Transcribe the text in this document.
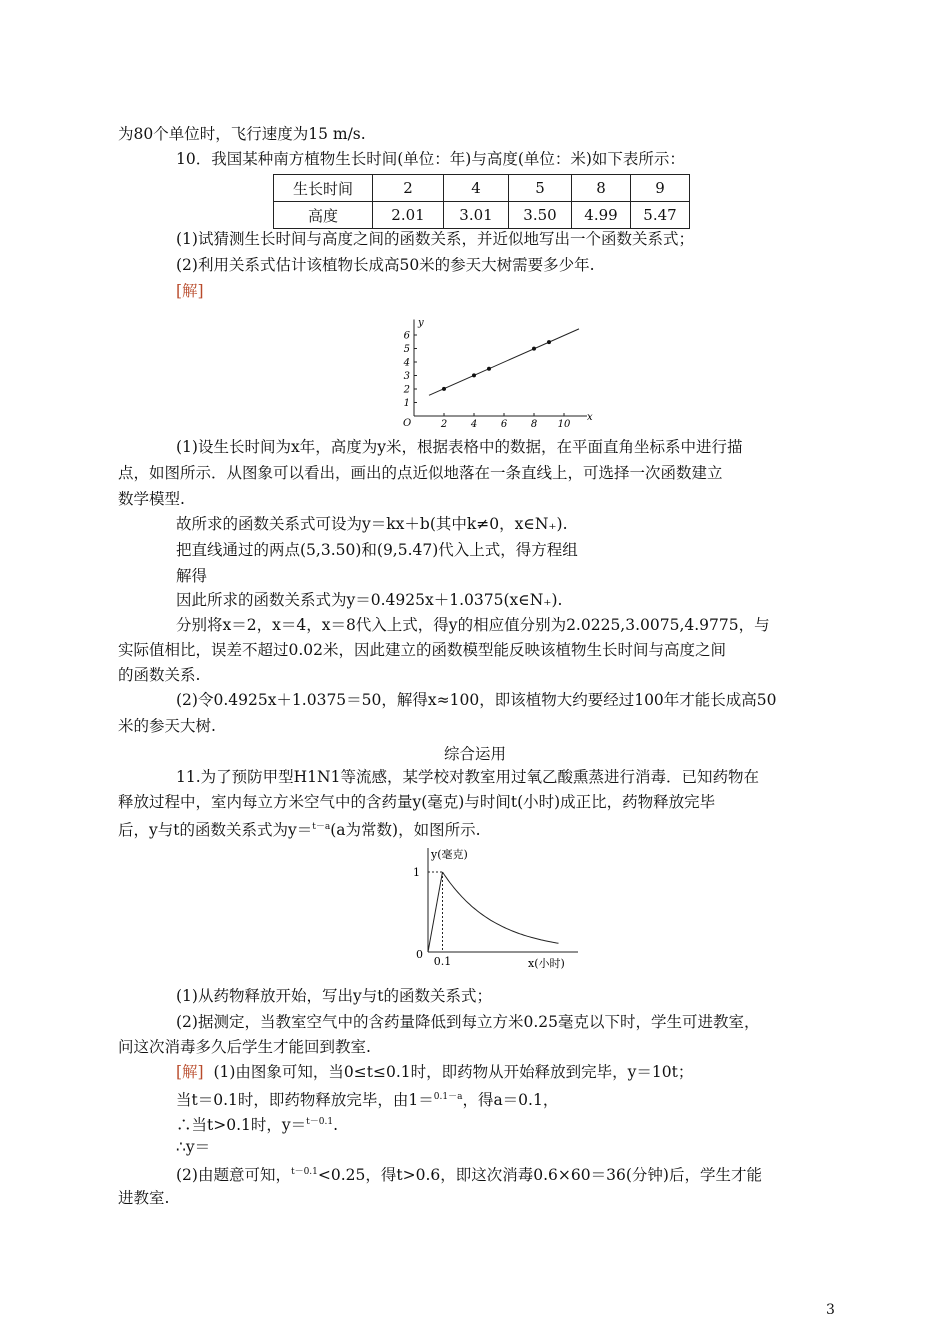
为80个单位时，飞行速度为15 m/s.
10．我国某种南方植物生长时间(单位：年)与高度(单位：米)如下表所示：
生长时间	2	4	5	8	9
高度	2.01	3.01	3.50	4.99	5.47
(1)试猜测生长时间与高度之间的函数关系，并近似地写出一个函数关系式；
(2)利用关系式估计该植物长成高50米的参天大树需要多少年.
[解]
x
y
O	2 4 6 8 10
1
2
3
4
5
6
(1)设生长时间为x年，高度为y米，根据表格中的数据，在平面直角坐标系中进行描
点，如图所示．从图象可以看出，画出的点近似地落在一条直线上，可选择一次函数建立
数学模型.
故所求的函数关系式可设为y＝kx＋b(其中k≠0，x∈N₊).
把直线通过的两点(5,3.50)和(9,5.47)代入上式，得方程组
解得
因此所求的函数关系式为y＝0.4925x＋1.0375(x∈N₊).
分别将x＝2，x＝4，x＝8代入上式，得y的相应值分别为2.0225,3.0075,4.9775，与
实际值相比，误差不超过0.02米，因此建立的函数模型能反映该植物生长时间与高度之间
的函数关系.
(2)令0.4925x＋1.0375＝50，解得x≈100，即该植物大约要经过100年才能长成高50
米的参天大树.
综合运用
11.为了预防甲型H1N1等流感，某学校对教室用过氧乙酸熏蒸进行消毒．已知药物在
释放过程中，室内每立方米空气中的含药量y(毫克)与时间t(小时)成正比，药物释放完毕
后，y与t的函数关系式为y＝$^{t-a}$(a为常数)，如图所示.
y(毫克)
x(小时)
0
0.1
1
(1)从药物释放开始，写出y与t的函数关系式；
(2)据测定，当教室空气中的含药量降低到每立方米0.25毫克以下时，学生可进教室，
问这次消毒多久后学生才能回到教室.
[解] (1)由图象可知，当0≤t≤0.1时，即药物从开始释放到完毕，y＝10t；
当t＝0.1时，即药物释放完毕，由1＝$^{0.1-a}$，得a＝0.1，
∴当t>0.1时，y＝$^{t-0.1}$.
∴y＝
(2)由题意可知，$^{t-0.1}$<0.25，得t>0.6，即这次消毒0.6×60＝36(分钟)后，学生才能
进教室.
3
